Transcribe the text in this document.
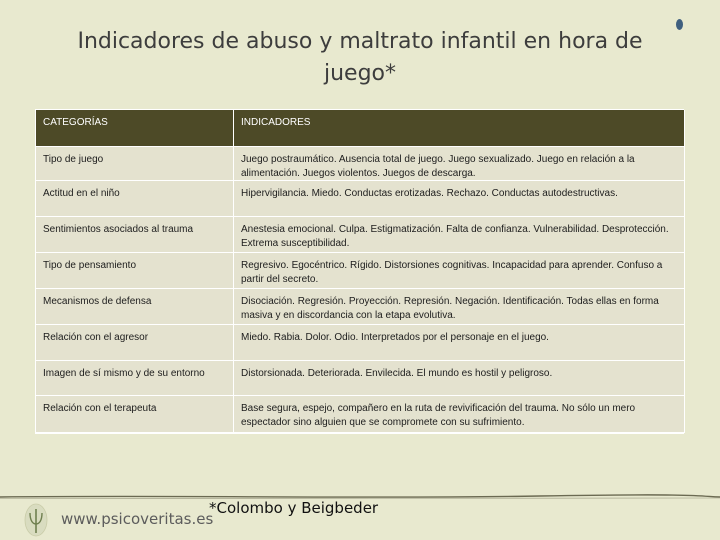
Indicadores de abuso y maltrato infantil en hora de juego*
CATEGORÍAS	INDICADORES
Tipo de juego	Juego postraumático. Ausencia total de juego. Juego sexualizado. Juego en relación a la alimentación. Juegos violentos. Juegos de descarga.
Actitud en el niño	Hipervigilancia. Miedo. Conductas erotizadas. Rechazo. Conductas autodestructivas.
Sentimientos asociados al trauma	Anestesia emocional. Culpa. Estigmatización. Falta de confianza. Vulnerabilidad. Desprotección. Extrema susceptibilidad.
Tipo de pensamiento	Regresivo. Egocéntrico. Rígido. Distorsiones cognitivas. Incapacidad para aprender. Confuso a partir del secreto.
Mecanismos de defensa	Disociación. Regresión. Proyección. Represión. Negación. Identificación. Todas ellas en forma masiva y en discordancia con la etapa evolutiva.
Relación con el agresor	Miedo. Rabia. Dolor. Odio. Interpretados por el personaje en el juego.
Imagen de sí mismo y de su entorno	Distorsionada. Deteriorada. Envilecida. El mundo es hostil y peligroso.
Relación con el terapeuta	Base segura, espejo, compañero en la ruta de revivificación del trauma. No sólo un mero espectador sino alguien que se compromete con su sufrimiento.
www.psicoveritas.es
*Colombo y Beigbeder
